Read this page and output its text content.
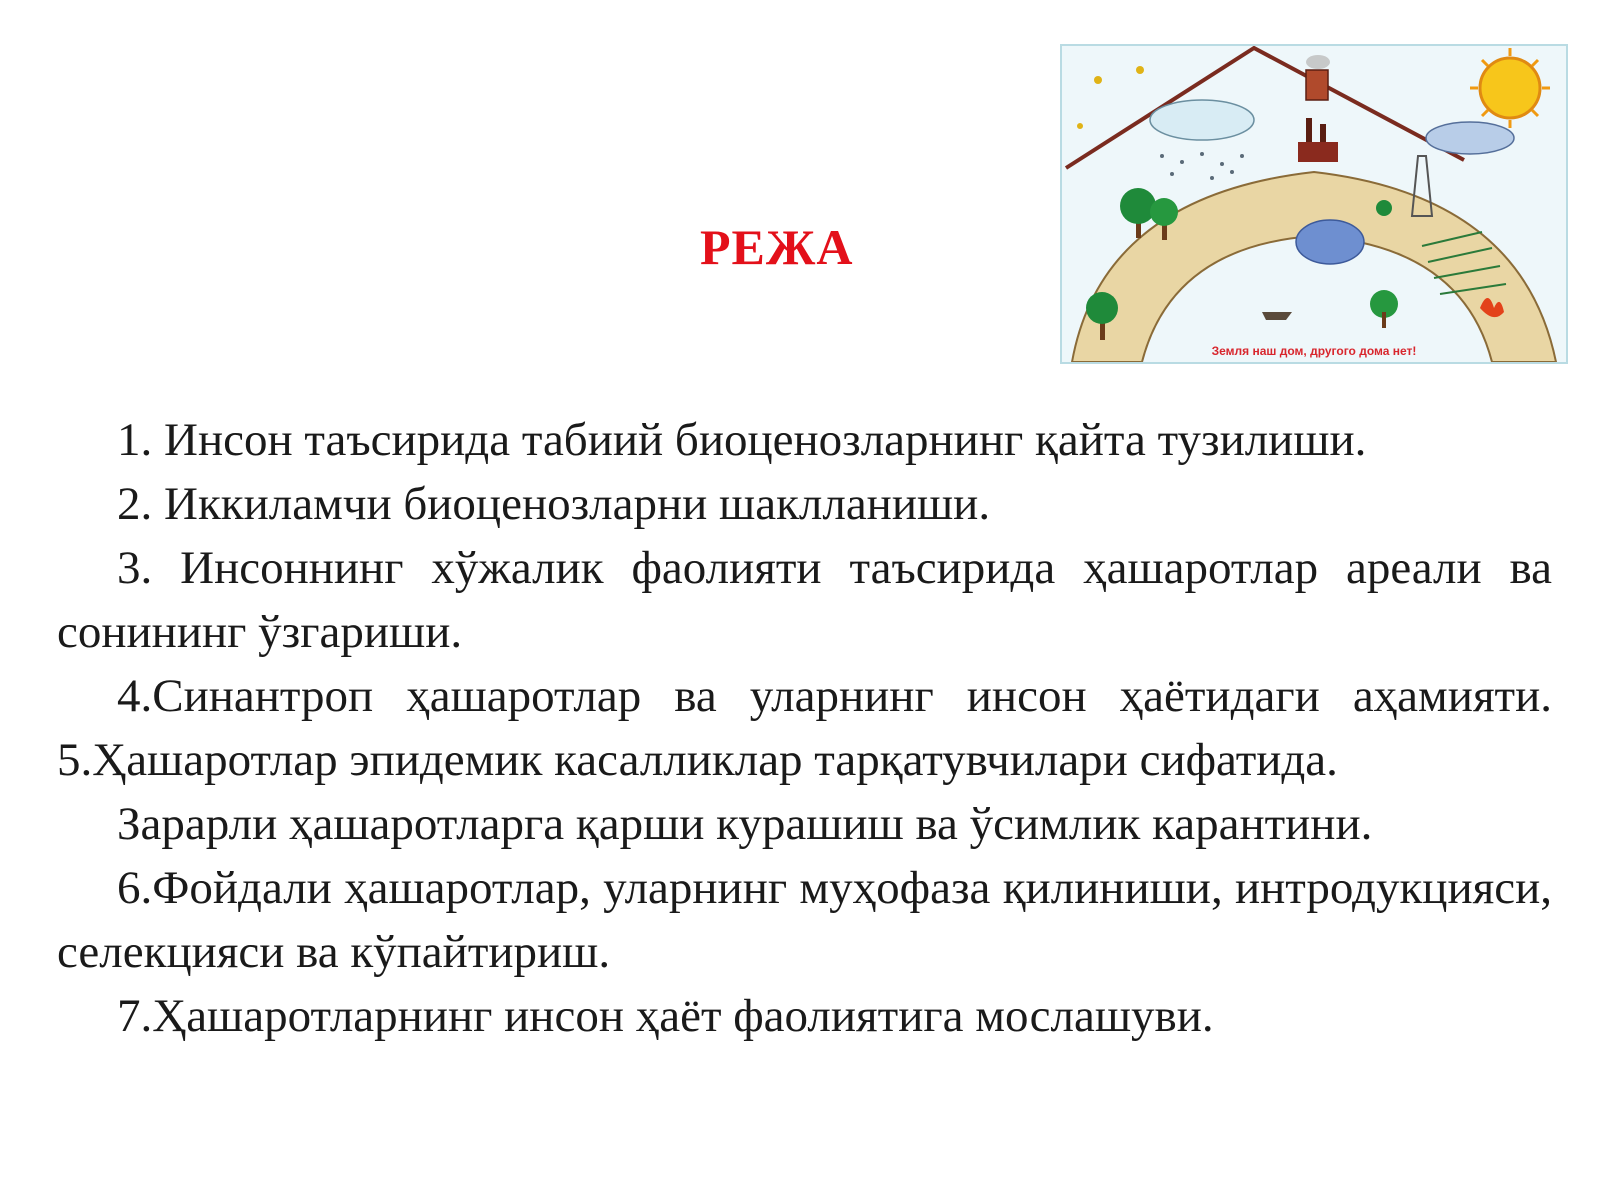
РЕЖА
Земля наш дом, другого дома нет!

1. Инсон таъсирида табиий биоценозларнинг қайта тузилиши.

2. Иккиламчи биоценозларни шаклланиши.

3. Инсоннинг хўжалик фаолияти таъсирида ҳашаротлар ареали ва сонининг ўзгариши.

4.Синантроп ҳашаротлар ва уларнинг инсон ҳаётидаги аҳамияти. 5.Ҳашаротлар эпидемик касалликлар тарқатувчилари сифатида.

Зарарли ҳашаротларга қарши курашиш ва ўсимлик карантини.

6.Фойдали ҳашаротлар, уларнинг муҳофаза қилиниши, интродукцияси, селекцияси ва кўпайтириш.

7.Ҳашаротларнинг инсон ҳаёт фаолиятига мослашуви.
